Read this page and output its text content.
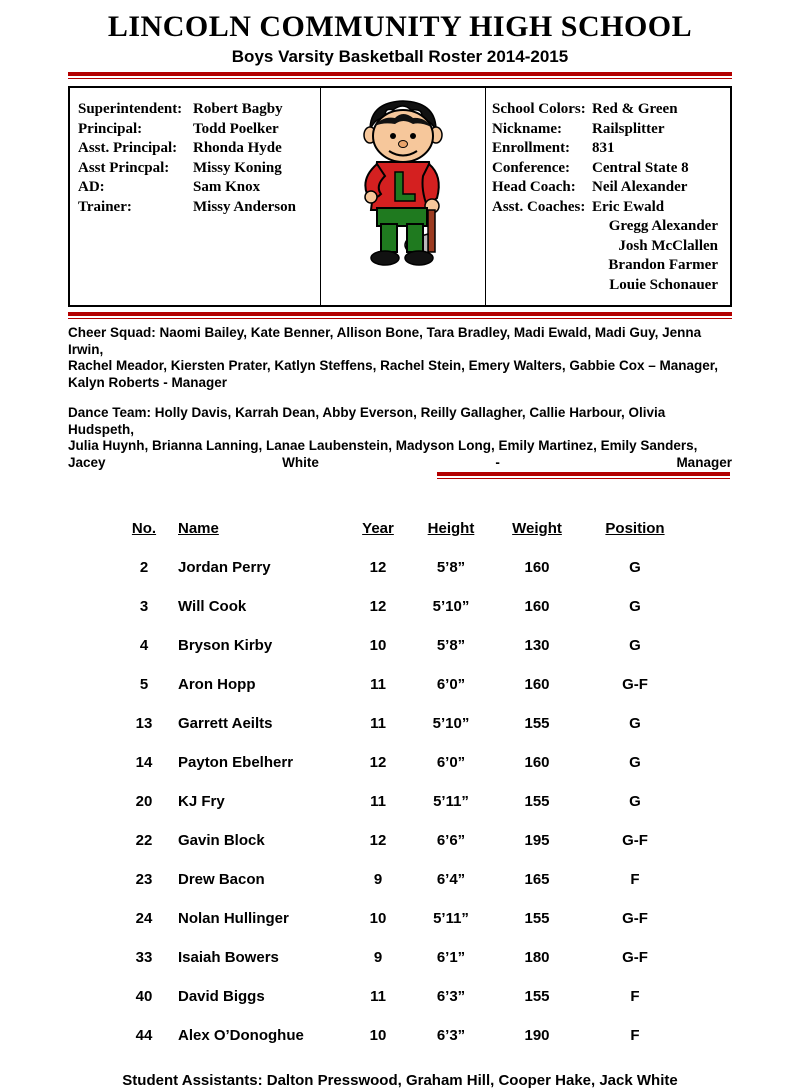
LINCOLN COMMUNITY HIGH SCHOOL
Boys Varsity Basketball Roster 2014-2015
Superintendent: Robert Bagby
Principal:	Todd Poelker
Asst. Principal:	Rhonda Hyde
Asst Princpal:	Missy Koning
AD:	Sam Knox
Trainer:	Missy Anderson
School Colors: Red & Green
Nickname:	Railsplitter
Enrollment:	831
Conference:	Central State 8
Head Coach:	Neil Alexander
Asst. Coaches: Eric Ewald
Gregg Alexander
Josh McClallen
Brandon Farmer
Louie Schonauer
Cheer Squad: Naomi Bailey, Kate Benner, Allison Bone, Tara Bradley, Madi Ewald, Madi Guy, Jenna Irwin,
Rachel Meador, Kiersten Prater, Katlyn Steffens, Rachel Stein, Emery Walters, Gabbie Cox – Manager,
Kalyn Roberts - Manager
Dance Team: Holly Davis, Karrah Dean, Abby Everson, Reilly Gallagher, Callie Harbour, Olivia Hudspeth,
Julia Huynh, Brianna Lanning, Lanae Laubenstein, Madyson Long, Emily Martinez, Emily Sanders,
Jacey	White	-	Manager
No.	Name	Year	Height	Weight	Position
2	Jordan Perry	12	5’8”	160	G
3	Will Cook	12	5’10”	160	G
4	Bryson Kirby	10	5’8”	130	G
5	Aron Hopp	11	6’0”	160	G-F
13	Garrett Aeilts	11	5’10”	155	G
14	Payton Ebelherr	12	6’0”	160	G
20	KJ Fry	11	5’11”	155	G
22	Gavin Block	12	6’6”	195	G-F
23	Drew Bacon	9	6’4”	165	F
24	Nolan Hullinger	10	5’11”	155	G-F
33	Isaiah Bowers	9	6’1”	180	G-F
40	David Biggs	11	6’3”	155	F
44	Alex O’Donoghue	10	6’3”	190	F
Student Assistants: Dalton Presswood, Graham Hill, Cooper Hake, Jack White
